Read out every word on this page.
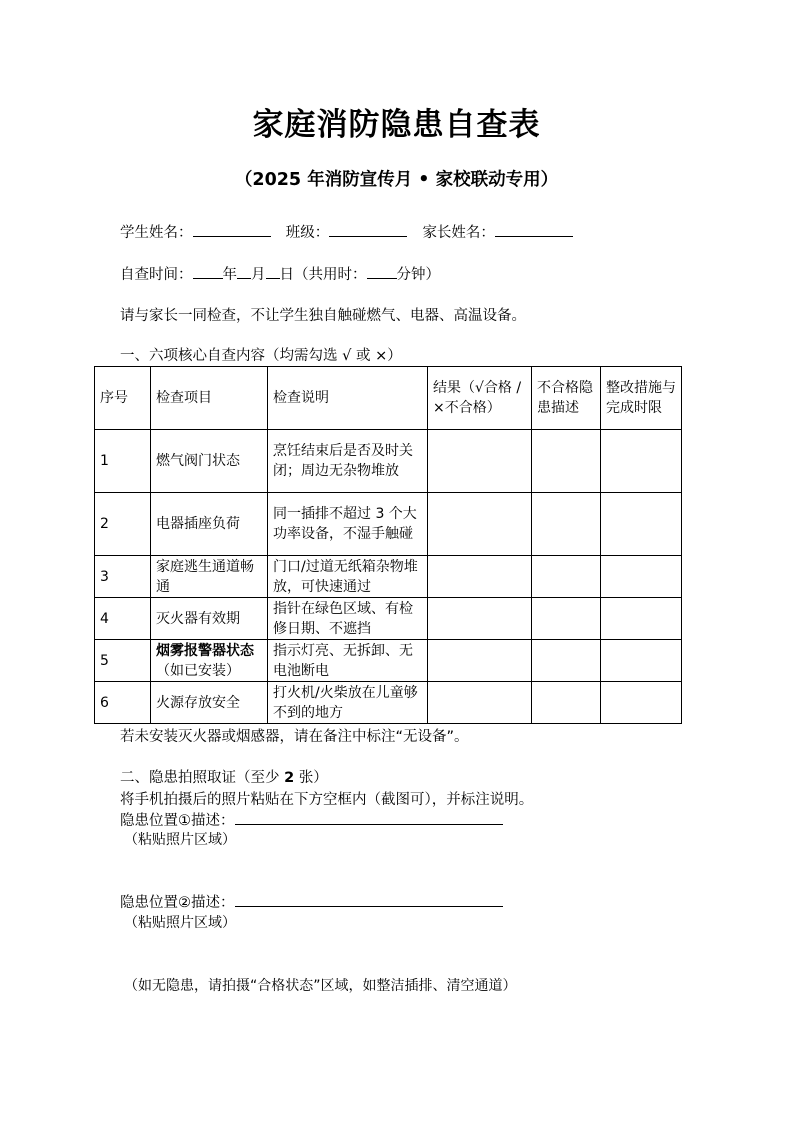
家庭消防隐患自查表
（2025 年消防宣传月 • 家校联动专用）
学生姓名：	班级：	家长姓名：
自查时间： 年 月 日（共用时： 分钟）
请与家长一同检查，不让学生独自触碰燃气、电器、高温设备。
一、六项核心自查内容（均需勾选 √ 或 ×）
序号	检查项目	检查说明	结果（√合格 / ×不合格）	不合格隐患描述	整改措施与完成时限
1	燃气阀门状态	烹饪结束后是否及时关闭；周边无杂物堆放			
2	电器插座负荷	同一插排不超过 3 个大功率设备，不湿手触碰			
3	家庭逃生通道畅通	门口/过道无纸箱杂物堆放，可快速通过			
4	灭火器有效期	指针在绿色区域、有检修日期、不遮挡			
5	烟雾报警器状态（如已安装）	指示灯亮、无拆卸、无电池断电			
6	火源存放安全	打火机/火柴放在儿童够不到的地方			
若未安装灭火器或烟感器，请在备注中标注“无设备”。
二、隐患拍照取证（至少 2 张）
将手机拍摄后的照片粘贴在下方空框内（截图可），并标注说明。
隐患位置①描述：
（粘贴照片区域）
隐患位置②描述：
（粘贴照片区域）
（如无隐患，请拍摄“合格状态”区域，如整洁插排、清空通道）
